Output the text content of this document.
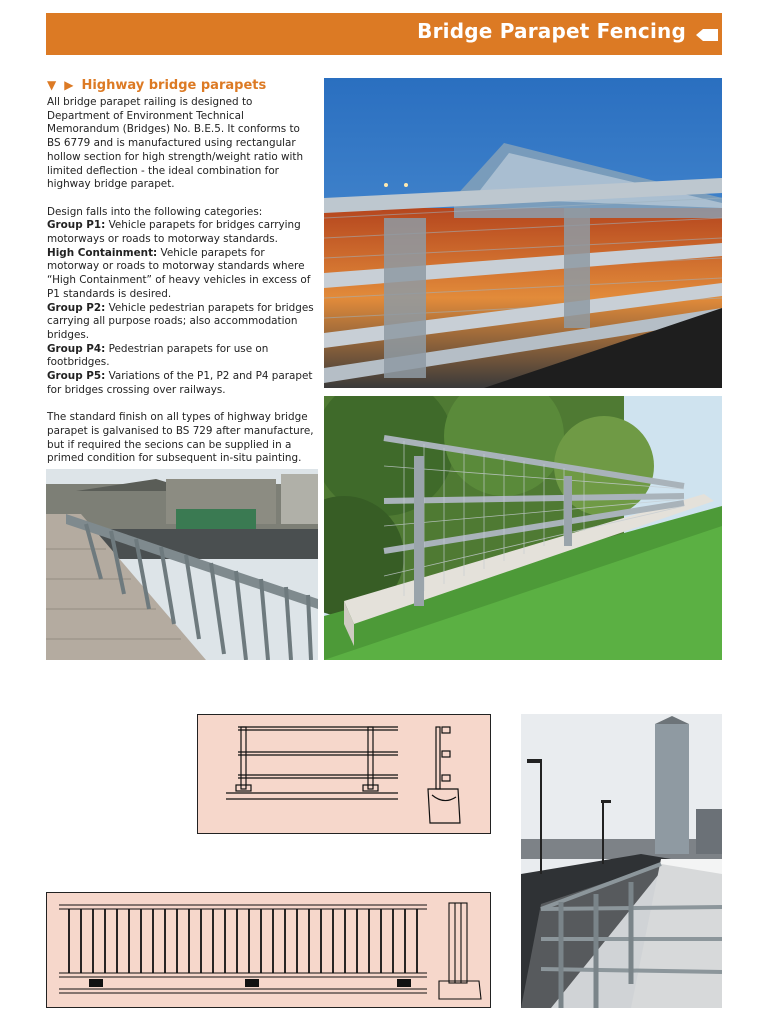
Bridge Parapet Fencing
▼ ▶ Highway bridge parapets

All bridge parapet railing is designed to Department of Environment Technical Memorandum (Bridges) No. B.E.5. It conforms to BS 6779 and is manufactured using rectangular hollow section for high strength/weight ratio with limited deflection - the ideal combination for highway bridge parapet.

Design falls into the following categories:
Group P1: Vehicle parapets for bridges carrying motorways or roads to motorway standards.
High Containment: Vehicle parapets for motorway or roads to motorway standards where “High Containment” of heavy vehicles in excess of P1 standards is desired.
Group P2: Vehicle pedestrian parapets for bridges carrying all purpose roads; also accommodation bridges.
Group P4: Pedestrian parapets for use on footbridges.
Group P5: Variations of the P1, P2 and P4 parapet for bridges crossing over railways.

The standard finish on all types of highway bridge parapet is galvanised to BS 729 after manufacture, but if required the secions can be supplied in a primed condition for subsequent in-situ painting.
